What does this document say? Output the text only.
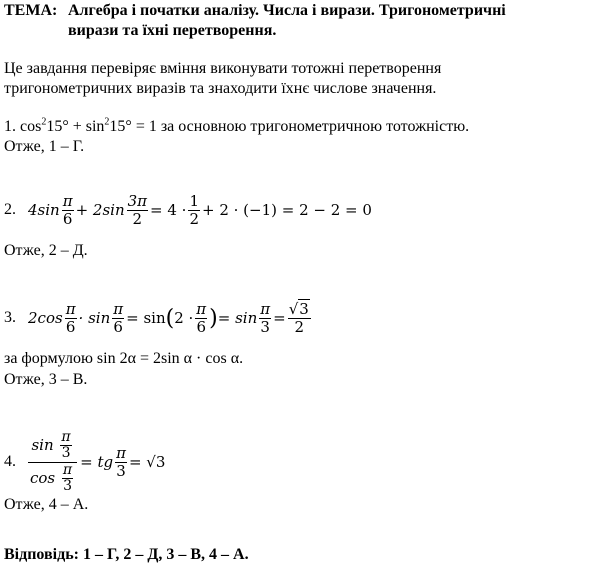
ТЕМА: Алгебра і початки аналізу. Числа і вирази. Тригонометричні
вирази та їхні перетворення.
Це завдання перевіряє вміння виконувати тотожні перетворення
тригонометричних виразів та знаходити їхнє числове значення.
1. $\cos^215^\circ + \sin^215^\circ = 1$ за основною тригонометричною тотожністю.
Отже, 1 – Г.
2. $4\sin \frac{\pi}{6} + 2\sin \frac{3\pi}{2} = 4 \cdot \frac{1}{2} + 2 \cdot (-1) = 2 - 2 = 0$
Отже, 2 – Д.
3. $2\cos \frac{\pi}{6} \cdot \sin \frac{\pi}{6} = \sin$ ( $2 \cdot \frac{\pi}{6}$ ) = $\sin \frac{\pi}{3} = \frac{√3}{2}$
за формулою sin 2α = 2sin α · cos α.
Отже, 3 – В.
4. $\frac{\sin \frac{\pi}{3}}{\cos \frac{\pi}{3}}$ = tg $\frac{\pi}{3} = √3$
Отже, 4 – А.
Відповідь: 1 – Г, 2 – Д, 3 – В, 4 – А.
